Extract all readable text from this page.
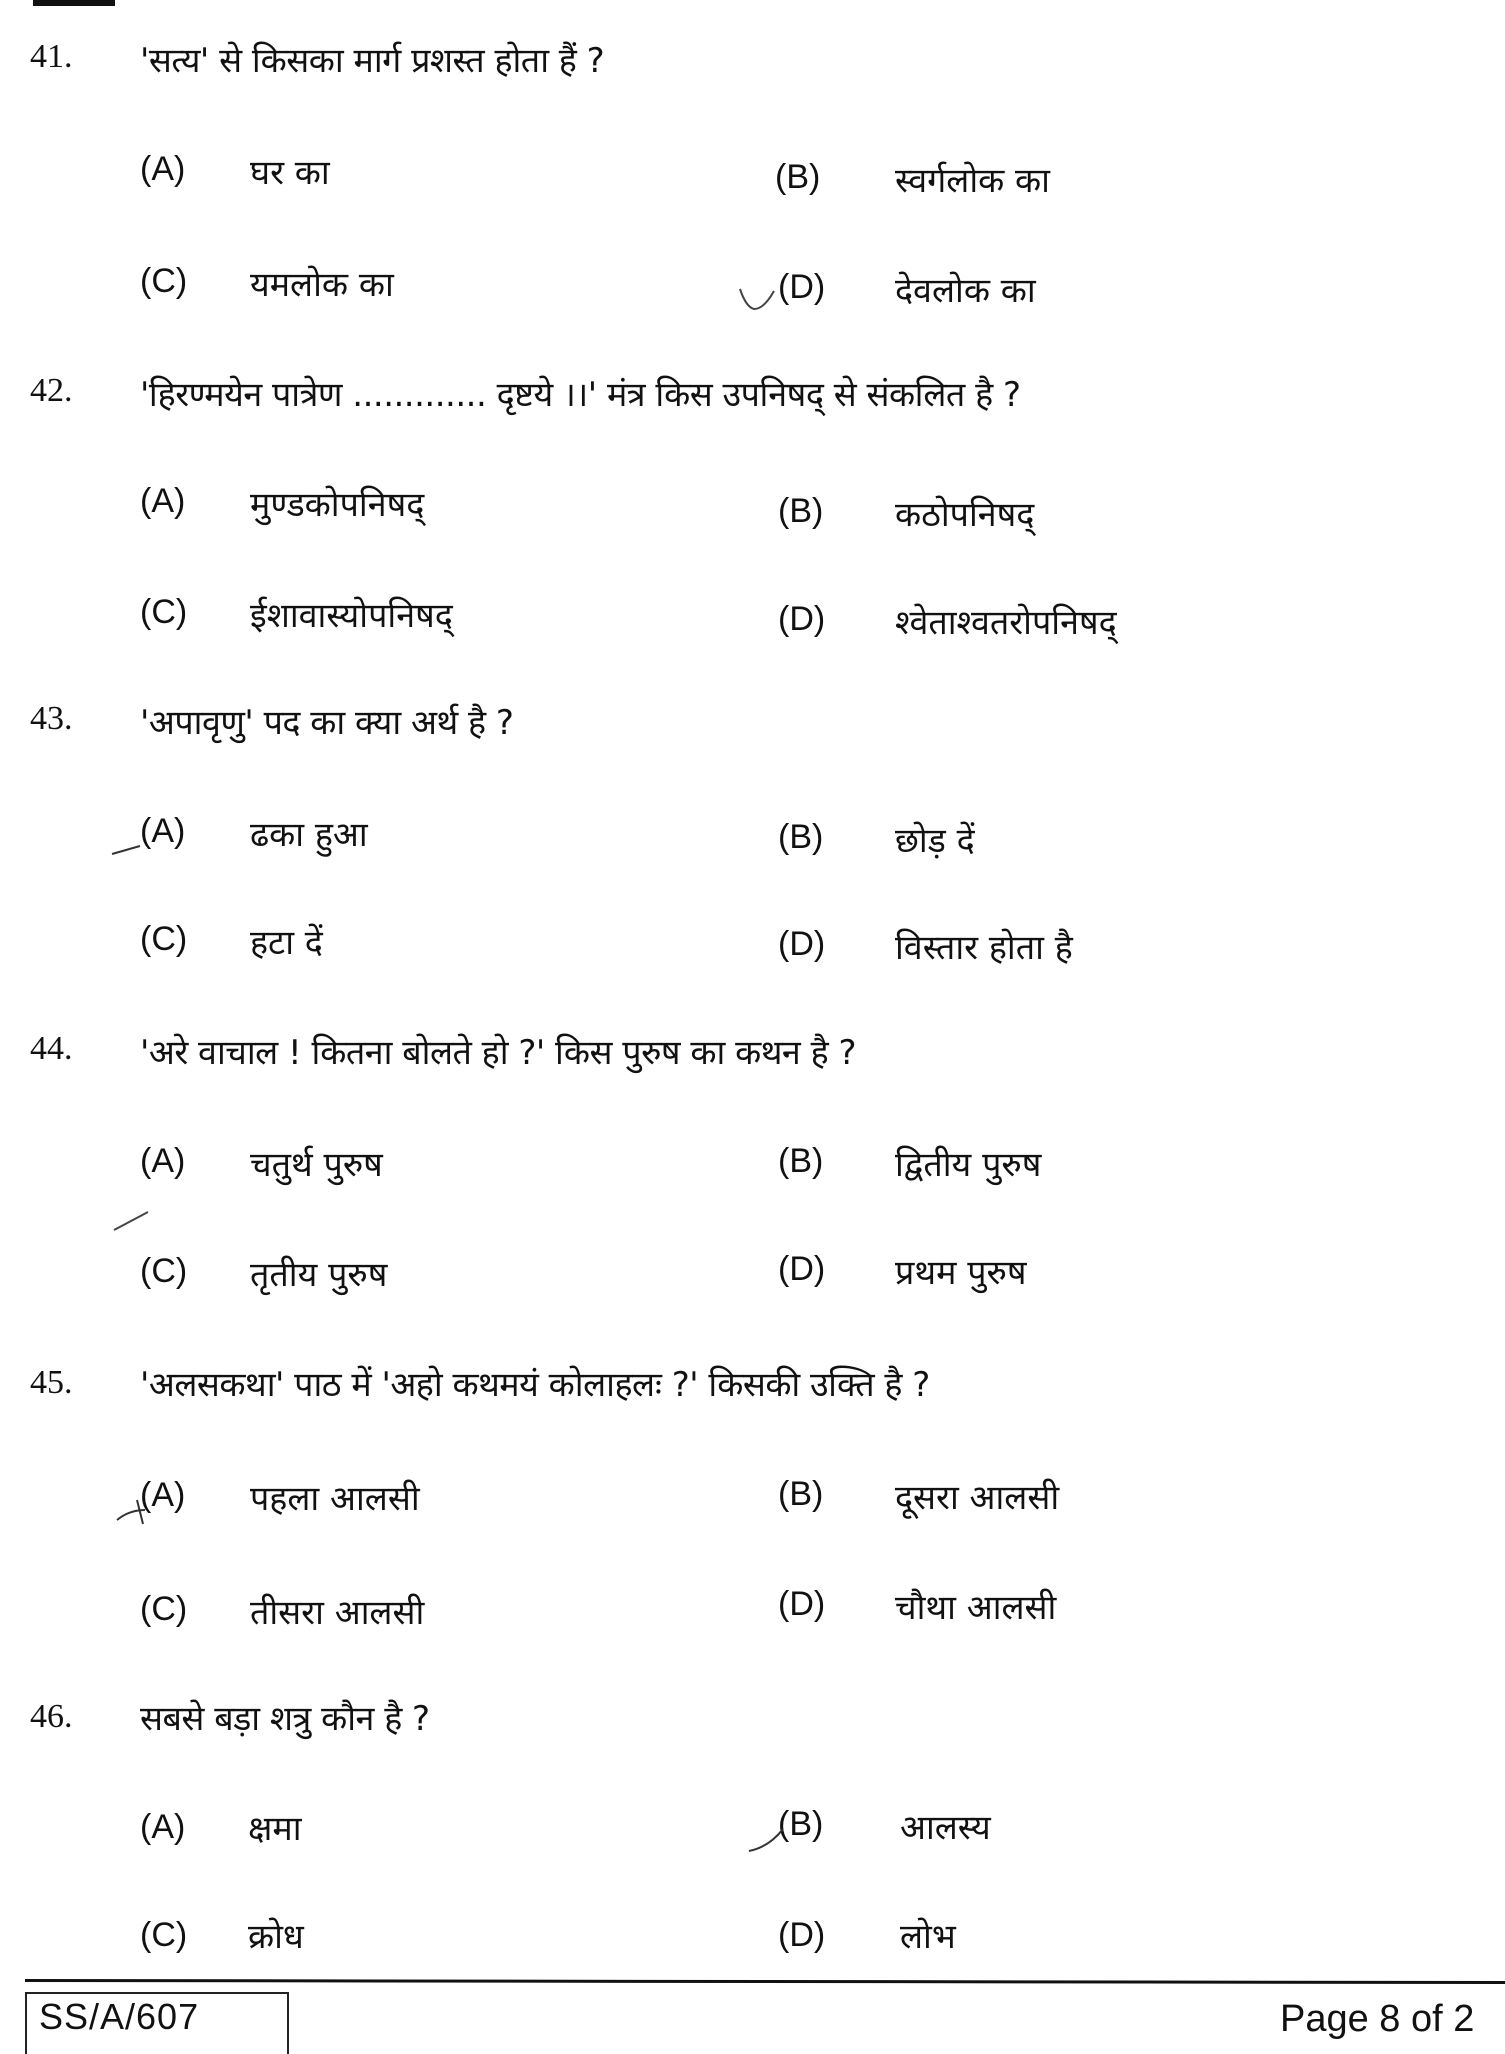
41. 'सत्य' से किसका मार्ग प्रशस्त होता हैं ?
(A) घर का	(B) स्वर्गलोक का
(C) यमलोक का	(D) देवलोक का
42. 'हिरण्मयेन पात्रेण ............. दृष्टये ।।' मंत्र किस उपनिषद् से संकलित है ?
(A) मुण्डकोपनिषद्	(B) कठोपनिषद्
(C) ईशावास्योपनिषद्	(D) श्वेताश्वतरोपनिषद्
43. 'अपावृणु' पद का क्या अर्थ है ?
(A) ढका हुआ	(B) छोड़ दें
(C) हटा दें	(D) विस्तार होता है
44. 'अरे वाचाल ! कितना बोलते हो ?' किस पुरुष का कथन है ?
(A) चतुर्थ पुरुष	(B) द्वितीय पुरुष
(C) तृतीय पुरुष	(D) प्रथम पुरुष
45. 'अलसकथा' पाठ में 'अहो कथमयं कोलाहलः ?' किसकी उक्ति है ?
(A) पहला आलसी	(B) दूसरा आलसी
(C) तीसरा आलसी	(D) चौथा आलसी
46. सबसे बड़ा शत्रु कौन है ?
(A) क्षमा	(B) आलस्य
(C) क्रोध	(D) लोभ
SS/A/607	Page 8 of 2
